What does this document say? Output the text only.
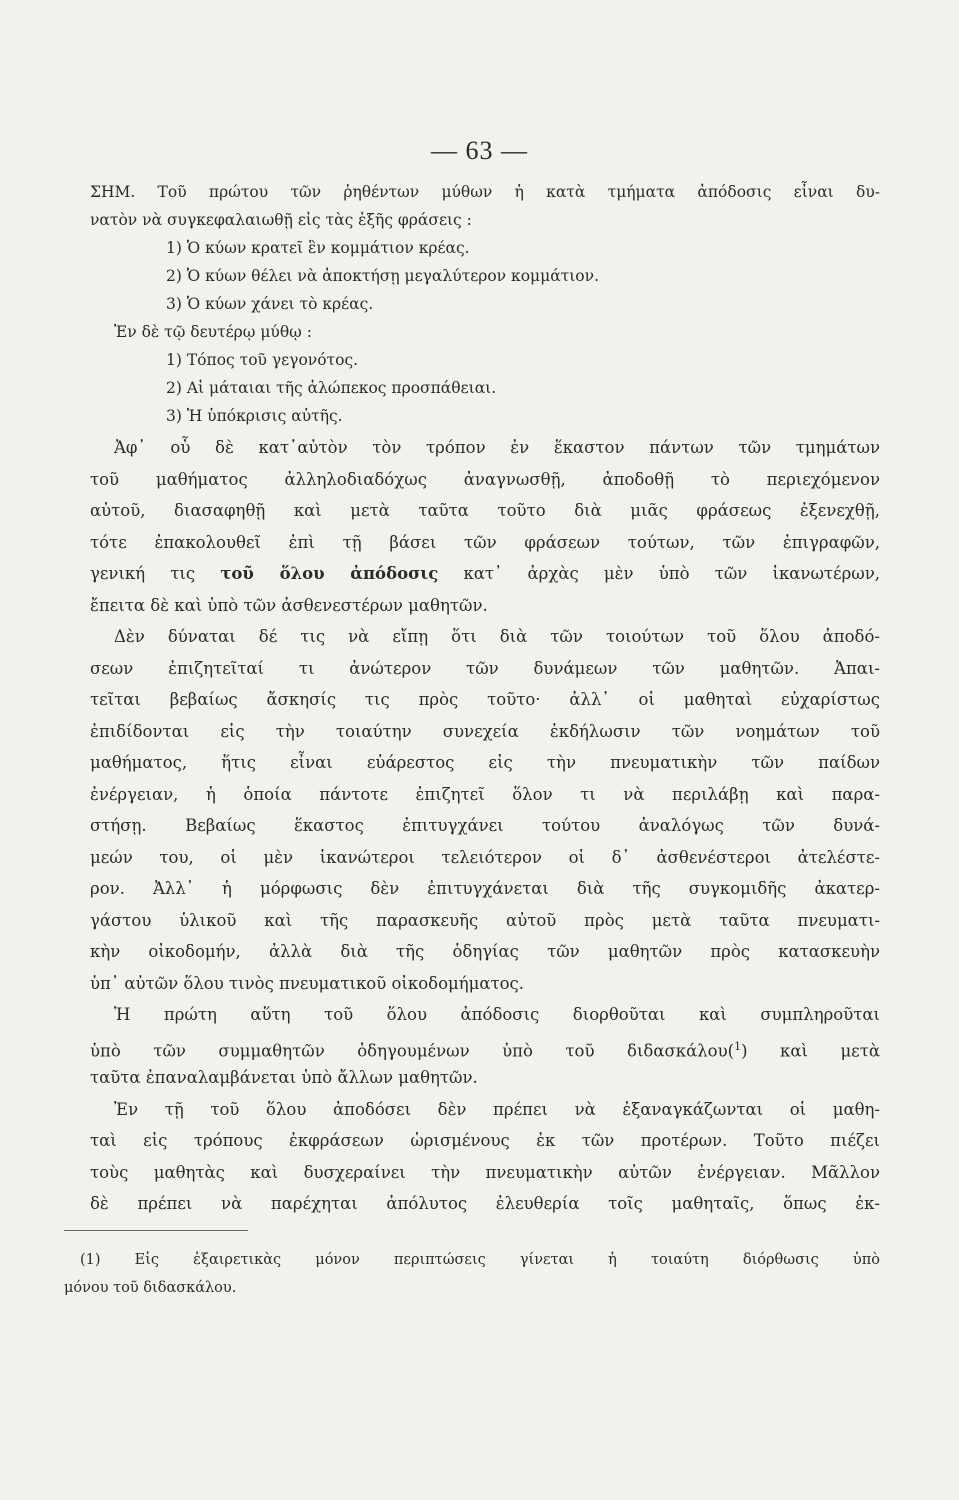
— 63 —
ΣΗΜ. Τοῦ πρώτου τῶν ῥηθέντων μύθων ἡ κατὰ τμήματα ἀπόδοσις εἶναι δυ-
νατὸν νὰ συγκεφαλαιωθῇ εἰς τὰς ἑξῆς φράσεις :
1) Ὁ κύων κρατεῖ ἓν κομμάτιον κρέας.
2) Ὁ κύων θέλει νὰ ἀποκτήσῃ μεγαλύτερον κομμάτιον.
3) Ὁ κύων χάνει τὸ κρέας.
Ἐν δὲ τῷ δευτέρῳ μύθῳ :
1) Τόπος τοῦ γεγονότος.
2) Αἱ μάταιαι τῆς ἀλώπεκος προσπάθειαι.
3) Ἡ ὑπόκρισις αὐτῆς.
Ἀφ᾿ οὗ δὲ κατ᾿αὐτὸν τὸν τρόπον ἐν ἕκαστον πάντων τῶν τμημάτων
τοῦ μαθήματος ἀλληλοδιαδόχως ἀναγνωσθῇ, ἀποδοθῇ τὸ περιεχόμενον
αὐτοῦ, διασαφηθῇ καὶ μετὰ ταῦτα τοῦτο διὰ μιᾶς φράσεως ἐξενεχθῇ,
τότε ἐπακολουθεῖ ἐπὶ τῇ βάσει τῶν φράσεων τούτων, τῶν ἐπιγραφῶν,
γενική τις τοῦ ὅλου ἀπόδοσις κατ᾿ ἀρχὰς μὲν ὑπὸ τῶν ἱκανωτέρων,
ἔπειτα δὲ καὶ ὑπὸ τῶν ἀσθενεστέρων μαθητῶν.
Δὲν δύναται δέ τις νὰ εἴπῃ ὅτι διὰ τῶν τοιούτων τοῦ ὅλου ἀποδό-
σεων ἐπιζητεῖταί τι ἀνώτερον τῶν δυνάμεων τῶν μαθητῶν. Ἀπαι-
τεῖται βεβαίως ἄσκησίς τις πρὸς τοῦτο· ἀλλ᾿ οἱ μαθηταὶ εὐχαρίστως
ἐπιδίδονται εἰς τὴν τοιαύτην συνεχεία ἐκδήλωσιν τῶν νοημάτων τοῦ
μαθήματος, ἥτις εἶναι εὐάρεστος εἰς τὴν πνευματικὴν τῶν παίδων
ἐνέργειαν, ἡ ὁποία πάντοτε ἐπιζητεῖ ὅλον τι νὰ περιλάβῃ καὶ παρα-
στήσῃ. Βεβαίως ἕκαστος ἐπιτυγχάνει τούτου ἀναλόγως τῶν δυνά-
μεών του, οἱ μὲν ἱκανώτεροι τελειότερον οἱ δ᾿ ἀσθενέστεροι ἀτελέστε-
ρον. Ἀλλ᾿ ἡ μόρφωσις δὲν ἐπιτυγχάνεται διὰ τῆς συγκομιδῆς ἀκατερ-
γάστου ὑλικοῦ καὶ τῆς παρασκευῆς αὐτοῦ πρὸς μετὰ ταῦτα πνευματι-
κὴν οἰκοδομήν, ἀλλὰ διὰ τῆς ὁδηγίας τῶν μαθητῶν πρὸς κατασκευὴν
ὑπ᾿ αὐτῶν ὅλου τινὸς πνευματικοῦ οἰκοδομήματος.
Ἡ πρώτη αὕτη τοῦ ὅλου ἀπόδοσις διορθοῦται καὶ συμπληροῦται
ὑπὸ τῶν συμμαθητῶν ὁδηγουμένων ὑπὸ τοῦ διδασκάλου($^1$) καὶ μετὰ
ταῦτα ἐπαναλαμβάνεται ὑπὸ ἄλλων μαθητῶν.
Ἐν τῇ τοῦ ὅλου ἀποδόσει δὲν πρέπει νὰ ἐξαναγκάζωνται οἱ μαθη-
ταὶ εἰς τρόπους ἐκφράσεων ὡρισμένους ἐκ τῶν προτέρων. Τοῦτο πιέζει
τοὺς μαθητὰς καὶ δυσχεραίνει τὴν πνευματικὴν αὐτῶν ἐνέργειαν. Μᾶλλον
δὲ πρέπει νὰ παρέχηται ἀπόλυτος ἐλευθερία τοῖς μαθηταῖς, ὅπως ἐκ-
(1) Εἰς ἐξαιρετικὰς μόνον περιπτώσεις γίνεται ἡ τοιαύτη διόρθωσις ὑπὸ
μόνου τοῦ διδασκάλου.
